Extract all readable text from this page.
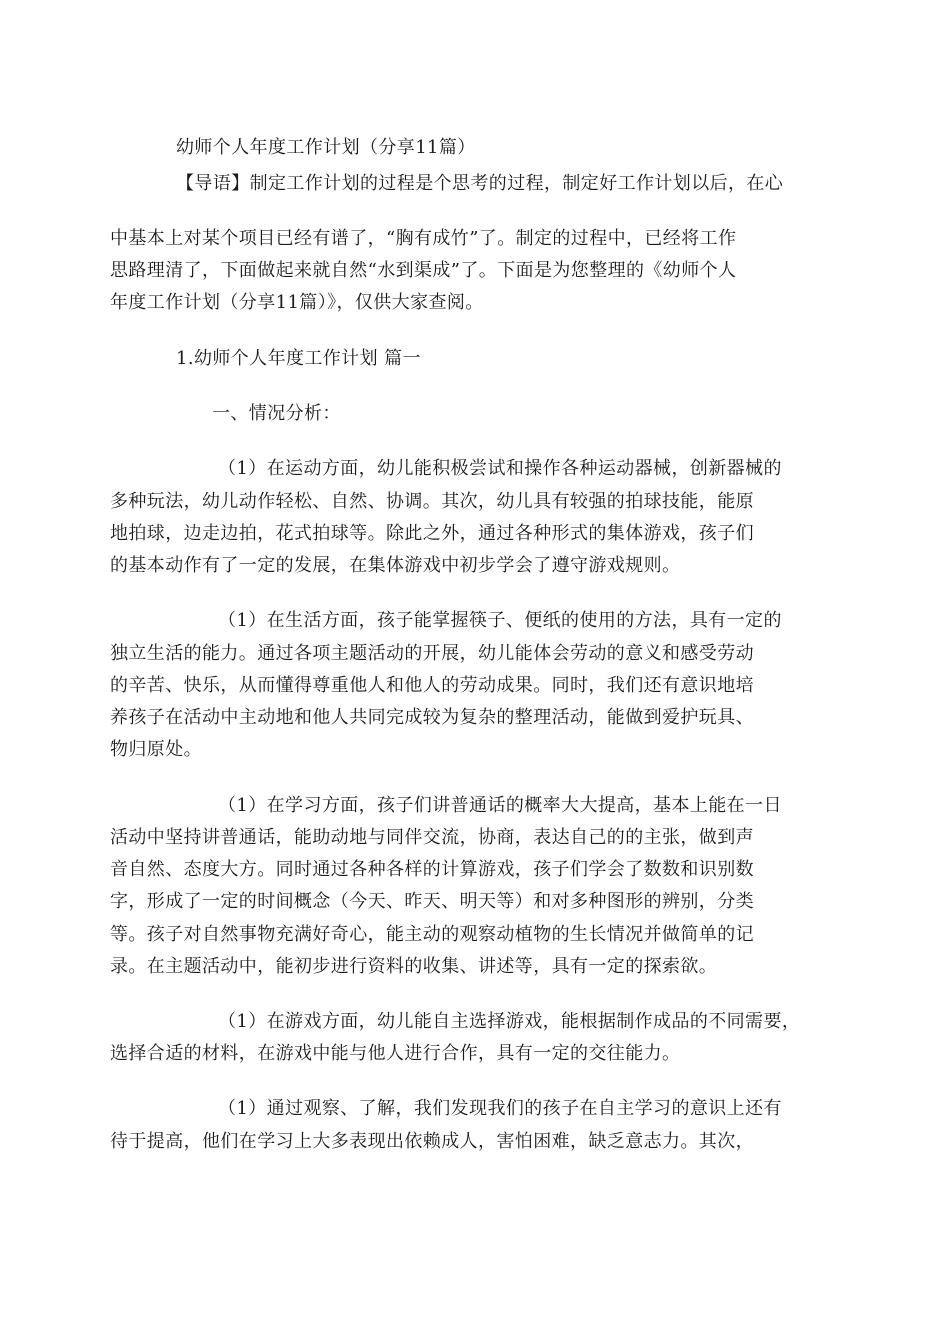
幼师个人年度工作计划（分享11篇）
【导语】制定工作计划的过程是个思考的过程，制定好工作计划以后，在心
中基本上对某个项目已经有谱了，“胸有成竹”了。制定的过程中，已经将工作
思路理清了，下面做起来就自然“水到渠成”了。下面是为您整理的《幼师个人
年度工作计划（分享11篇）》，仅供大家查阅。
1.幼师个人年度工作计划 篇一
一、情况分析：
（1）在运动方面，幼儿能积极尝试和操作各种运动器械，创新器械的
多种玩法，幼儿动作轻松、自然、协调。其次，幼儿具有较强的拍球技能，能原
地拍球，边走边拍，花式拍球等。除此之外，通过各种形式的集体游戏，孩子们
的基本动作有了一定的发展，在集体游戏中初步学会了遵守游戏规则。
（1）在生活方面，孩子能掌握筷子、便纸的使用的方法，具有一定的
独立生活的能力。通过各项主题活动的开展，幼儿能体会劳动的意义和感受劳动
的辛苦、快乐，从而懂得尊重他人和他人的劳动成果。同时，我们还有意识地培
养孩子在活动中主动地和他人共同完成较为复杂的整理活动，能做到爱护玩具、
物归原处。
（1）在学习方面，孩子们讲普通话的概率大大提高，基本上能在一日
活动中坚持讲普通话，能助动地与同伴交流，协商，表达自己的的主张，做到声
音自然、态度大方。同时通过各种各样的计算游戏，孩子们学会了数数和识别数
字，形成了一定的时间概念（今天、昨天、明天等）和对多种图形的辨别，分类
等。孩子对自然事物充满好奇心，能主动的观察动植物的生长情况并做简单的记
录。在主题活动中，能初步进行资料的收集、讲述等，具有一定的探索欲。
（1）在游戏方面，幼儿能自主选择游戏，能根据制作成品的不同需要，
选择合适的材料，在游戏中能与他人进行合作，具有一定的交往能力。
（1）通过观察、了解，我们发现我们的孩子在自主学习的意识上还有
待于提高，他们在学习上大多表现出依赖成人，害怕困难，缺乏意志力。其次，
